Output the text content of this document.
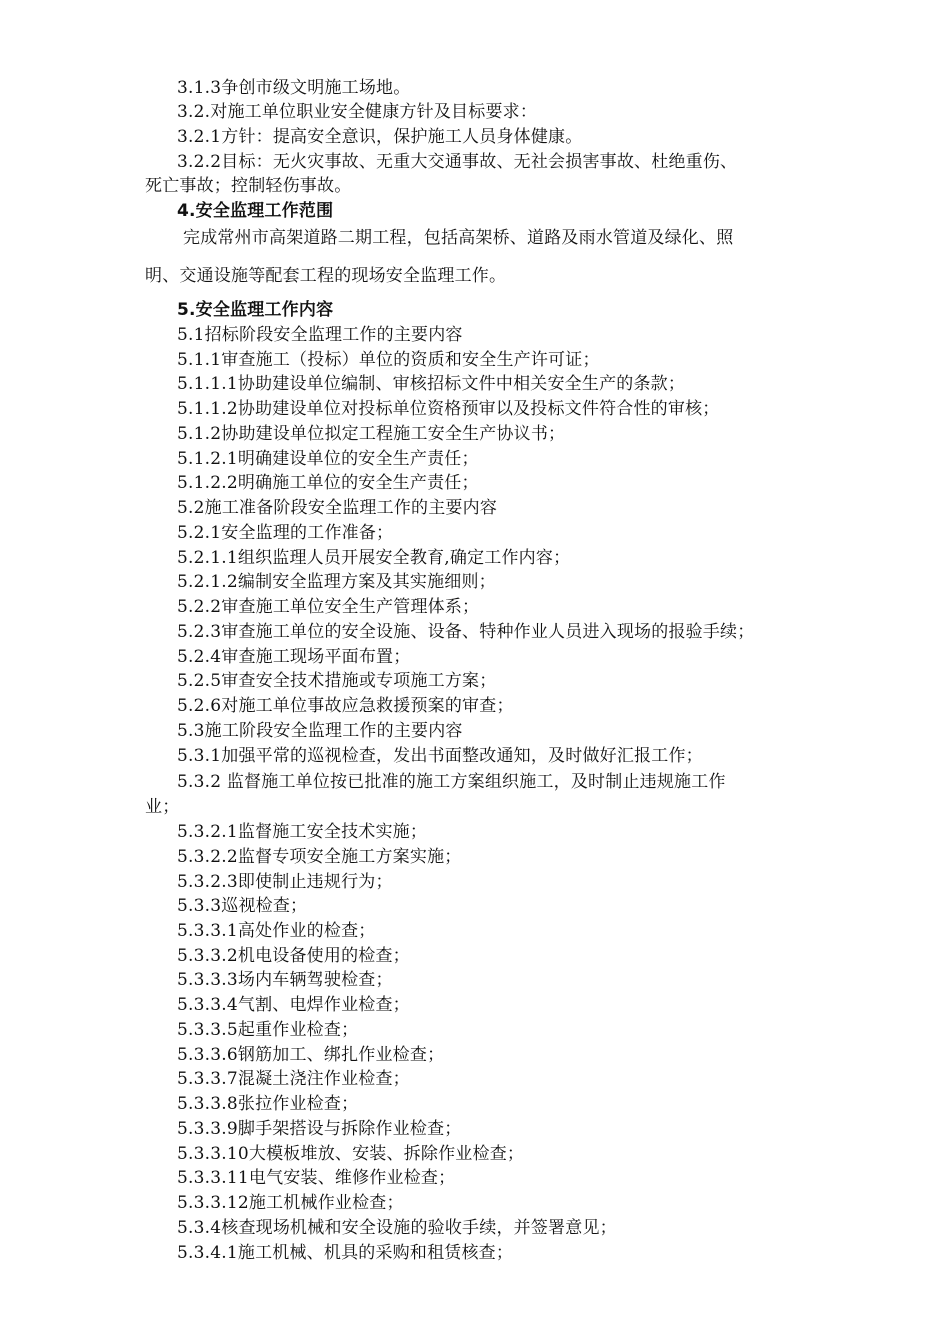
3.1.3争创市级文明施工场地。
3.2.对施工单位职业安全健康方针及目标要求：
3.2.1方针：提高安全意识，保护施工人员身体健康。
3.2.2目标：无火灾事故、无重大交通事故、无社会损害事故、杜绝重伤、
死亡事故；控制轻伤事故。
4.安全监理工作范围
完成常州市高架道路二期工程，包括高架桥、道路及雨水管道及绿化、照
明、交通设施等配套工程的现场安全监理工作。
5.安全监理工作内容
5.1招标阶段安全监理工作的主要内容
5.1.1审查施工（投标）单位的资质和安全生产许可证；
5.1.1.1协助建设单位编制、审核招标文件中相关安全生产的条款；
5.1.1.2协助建设单位对投标单位资格预审以及投标文件符合性的审核；
5.1.2协助建设单位拟定工程施工安全生产协议书；
5.1.2.1明确建设单位的安全生产责任；
5.1.2.2明确施工单位的安全生产责任；
5.2施工准备阶段安全监理工作的主要内容
5.2.1安全监理的工作准备；
5.2.1.1组织监理人员开展安全教育,确定工作内容；
5.2.1.2编制安全监理方案及其实施细则；
5.2.2审查施工单位安全生产管理体系；
5.2.3审查施工单位的安全设施、设备、特种作业人员进入现场的报验手续；
5.2.4审查施工现场平面布置；
5.2.5审查安全技术措施或专项施工方案；
5.2.6对施工单位事故应急救援预案的审查；
5.3施工阶段安全监理工作的主要内容
5.3.1加强平常的巡视检查，发出书面整改通知，及时做好汇报工作；
5.3.2 监督施工单位按已批准的施工方案组织施工，及时制止违规施工作
业；
5.3.2.1监督施工安全技术实施；
5.3.2.2监督专项安全施工方案实施；
5.3.2.3即使制止违规行为；
5.3.3巡视检查；
5.3.3.1高处作业的检查；
5.3.3.2机电设备使用的检查；
5.3.3.3场内车辆驾驶检查；
5.3.3.4气割、电焊作业检查；
5.3.3.5起重作业检查；
5.3.3.6钢筋加工、绑扎作业检查；
5.3.3.7混凝土浇注作业检查；
5.3.3.8张拉作业检查；
5.3.3.9脚手架搭设与拆除作业检查；
5.3.3.10大模板堆放、安装、拆除作业检查；
5.3.3.11电气安装、维修作业检查；
5.3.3.12施工机械作业检查；
5.3.4核查现场机械和安全设施的验收手续，并签署意见；
5.3.4.1施工机械、机具的采购和租赁核查；
